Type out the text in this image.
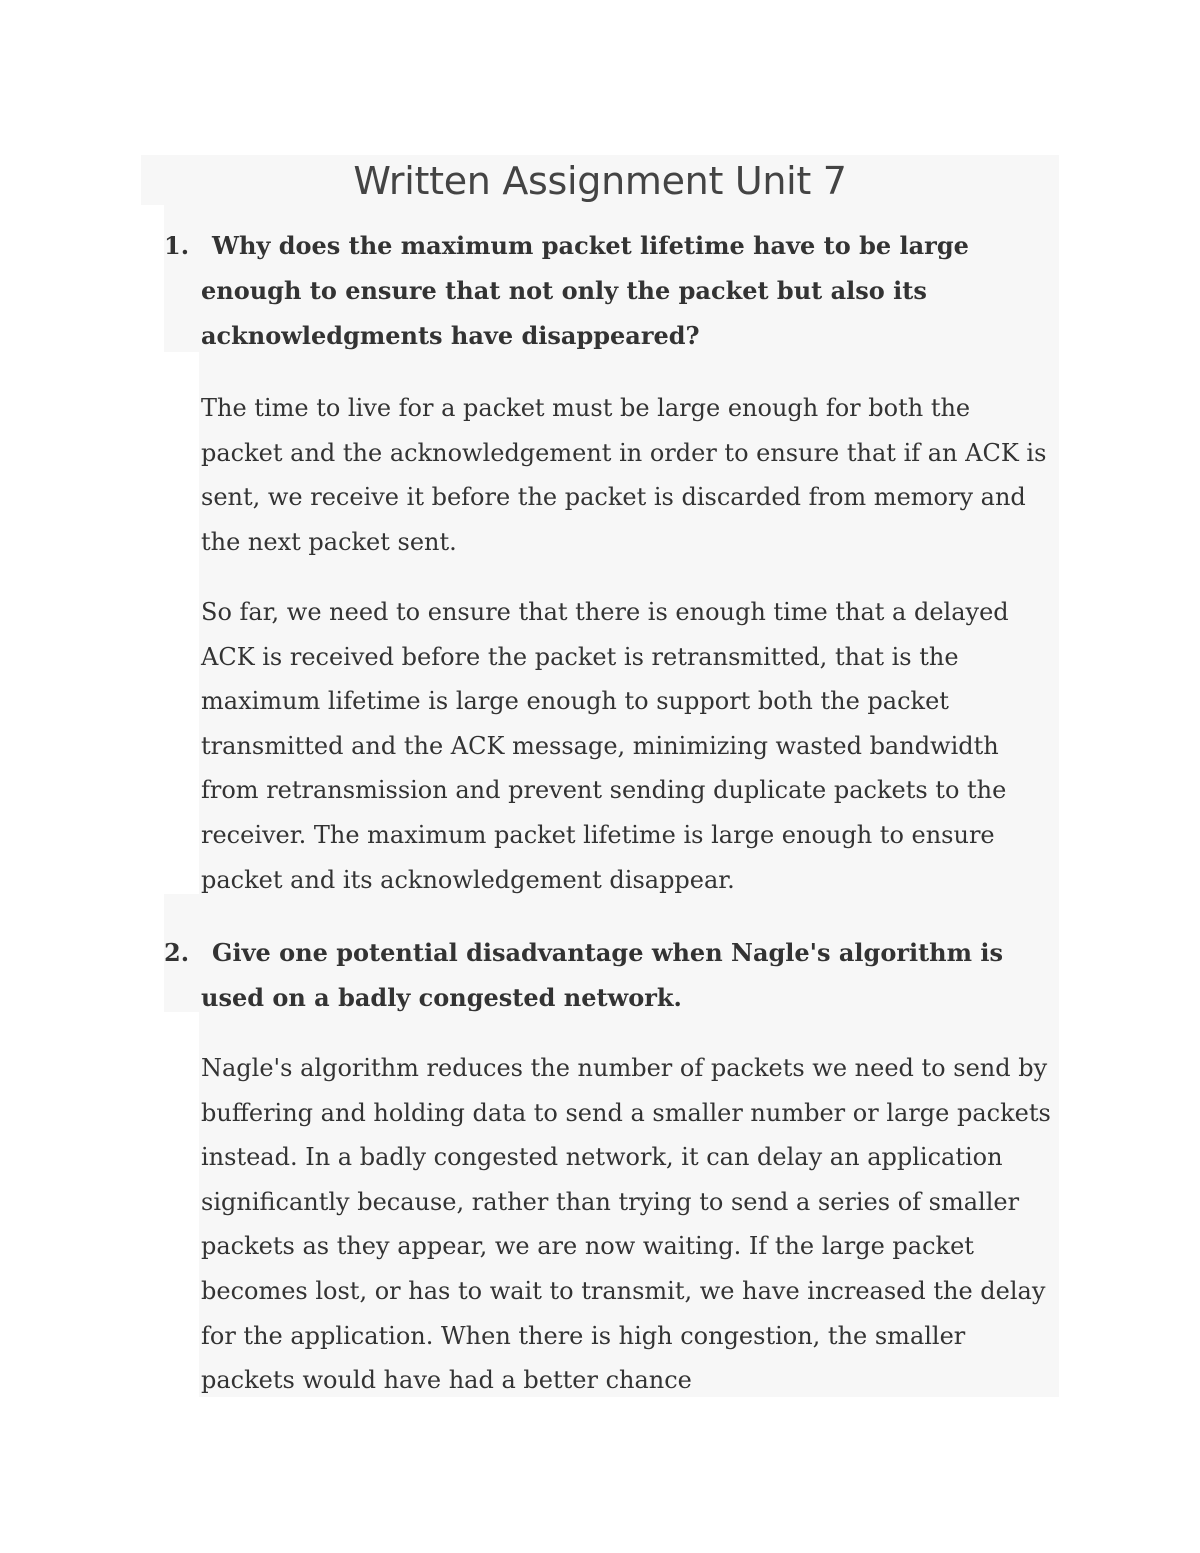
Written Assignment Unit 7
1. Why does the maximum packet lifetime have to be large enough to ensure that not only the packet but also its acknowledgments have disappeared?

The time to live for a packet must be large enough for both the packet and the acknowledgement in order to ensure that if an ACK is sent, we receive it before the packet is discarded from memory and the next packet sent.

So far, we need to ensure that there is enough time that a delayed ACK is received before the packet is retransmitted, that is the maximum lifetime is large enough to support both the packet transmitted and the ACK message, minimizing wasted bandwidth from retransmission and prevent sending duplicate packets to the receiver. The maximum packet lifetime is large enough to ensure packet and its acknowledgement disappear.

2. Give one potential disadvantage when Nagle's algorithm is used on a badly congested network.

Nagle's algorithm reduces the number of packets we need to send by buffering and holding data to send a smaller number or large packets instead. In a badly congested network, it can delay an application significantly because, rather than trying to send a series of smaller packets as they appear, we are now waiting. If the large packet becomes lost, or has to wait to transmit, we have increased the delay for the application. When there is high congestion, the smaller packets would have had a better chance
